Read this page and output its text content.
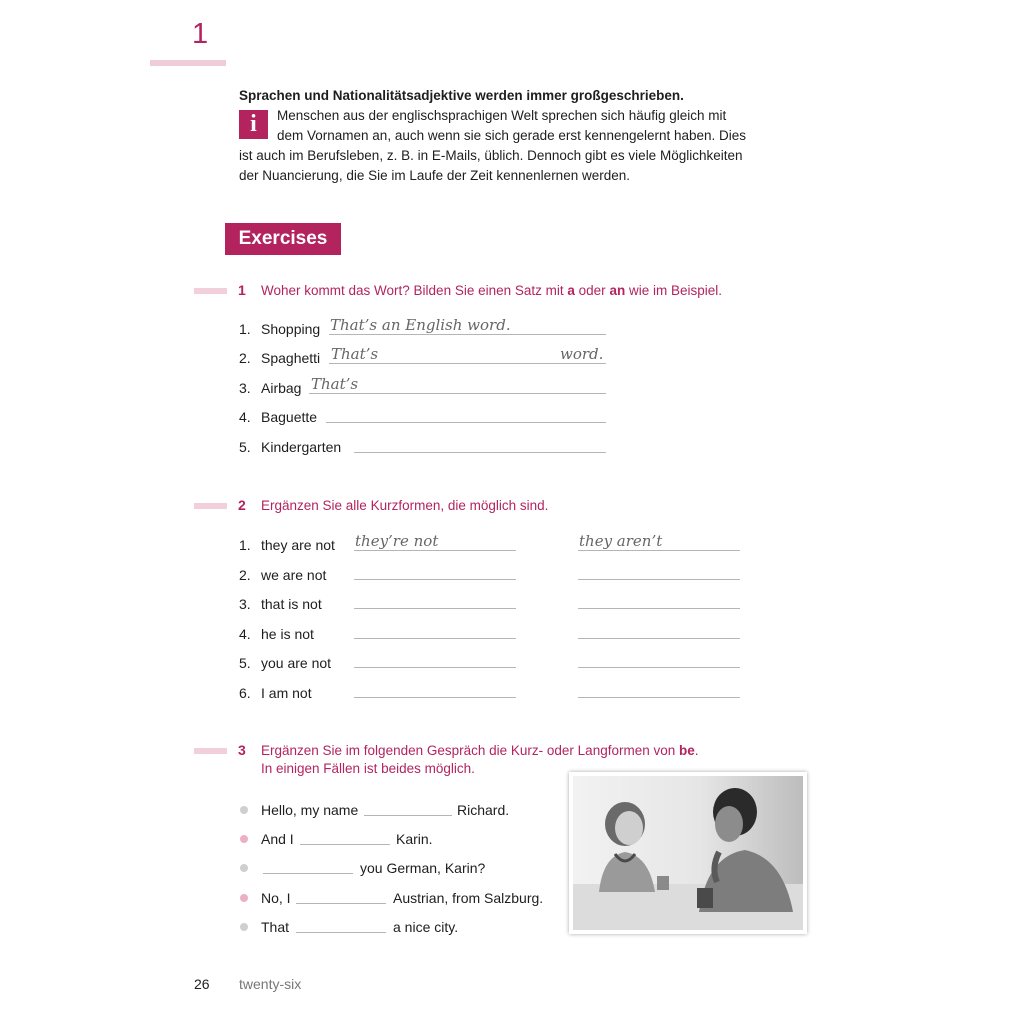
1
Sprachen und Nationalitätsadjektive werden immer großgeschrieben.
Menschen aus der englischsprachigen Welt sprechen sich häufig gleich mit
dem Vornamen an, auch wenn sie sich gerade erst kennengelernt haben. Dies
ist auch im Berufsleben, z. B. in E-Mails, üblich. Dennoch gibt es viele Möglichkeiten
der Nuancierung, die Sie im Laufe der Zeit kennenlernen werden.
i
Exercises
1 Woher kommt das Wort? Bilden Sie einen Satz mit a oder an wie im Beispiel.
1. Shopping That’s an English word.
2. Spaghetti That’s	word.
3. Airbag That’s
4. Baguette
5. Kindergarten
2 Ergänzen Sie alle Kurzformen, die möglich sind.
1. they are not they’re not	they aren’t
2. we are not
3. that is not
4. he is not
5. you are not
6. I am not
3 Ergänzen Sie im folgenden Gespräch die Kurz- oder Langformen von be.
In einigen Fällen ist beides möglich.
Hello, my name	Richard.
And I	Karin.
you German, Karin?
No, I	Austrian, from Salzburg.
That	a nice city.
26 twenty-six
